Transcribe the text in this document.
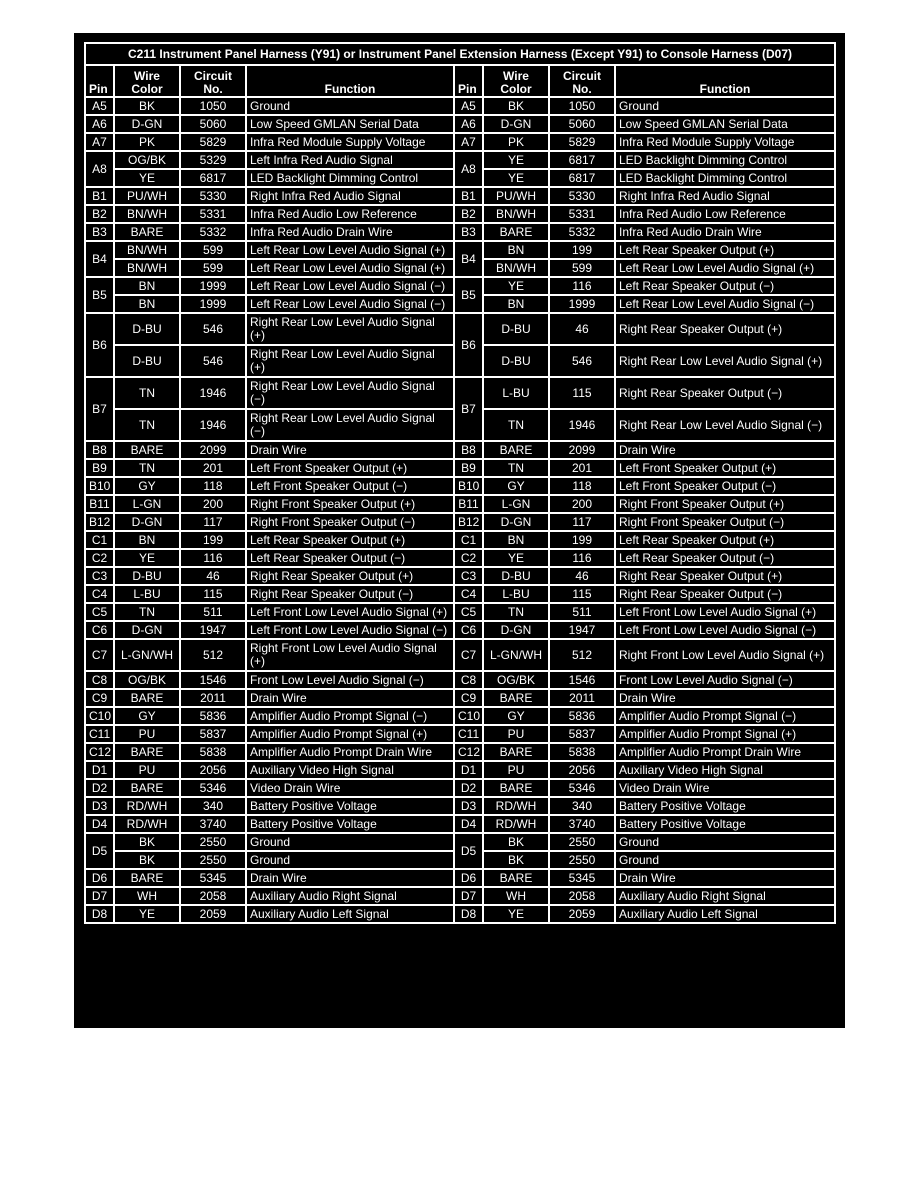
C211 Instrument Panel Harness (Y91) or Instrument Panel Extension Harness (Except Y91) to Console Harness (D07)							
Pin	Wire Color	Circuit No.	Function	Pin	Wire Color	Circuit No.	Function
A5	BK	1050	Ground	A5	BK	1050	Ground
A6	D-GN	5060	Low Speed GMLAN Serial Data	A6	D-GN	5060	Low Speed GMLAN Serial Data
A7	PK	5829	Infra Red Module Supply Voltage	A7	PK	5829	Infra Red Module Supply Voltage
A8	OG/BK	5329	Left Infra Red Audio Signal	A8	YE	6817	LED Backlight Dimming Control
	YE	6817	LED Backlight Dimming Control		YE	6817	LED Backlight Dimming Control
B1	PU/WH	5330	Right Infra Red Audio Signal	B1	PU/WH	5330	Right Infra Red Audio Signal
B2	BN/WH	5331	Infra Red Audio Low Reference	B2	BN/WH	5331	Infra Red Audio Low Reference
B3	BARE	5332	Infra Red Audio Drain Wire	B3	BARE	5332	Infra Red Audio Drain Wire
B4	BN/WH	599	Left Rear Low Level Audio Signal (+)	B4	BN	199	Left Rear Speaker Output (+)
	BN/WH	599	Left Rear Low Level Audio Signal (+)		BN/WH	599	Left Rear Low Level Audio Signal (+)
B5	BN	1999	Left Rear Low Level Audio Signal (−)	B5	YE	116	Left Rear Speaker Output (−)
	BN	1999	Left Rear Low Level Audio Signal (−)		BN	1999	Left Rear Low Level Audio Signal (−)
B6	D-BU	546	Right Rear Low Level Audio Signal (+)	B6	D-BU	46	Right Rear Speaker Output (+)
	D-BU	546	Right Rear Low Level Audio Signal (+)		D-BU	546	Right Rear Low Level Audio Signal (+)
B7	TN	1946	Right Rear Low Level Audio Signal (−)	B7	L-BU	115	Right Rear Speaker Output (−)
	TN	1946	Right Rear Low Level Audio Signal (−)		TN	1946	Right Rear Low Level Audio Signal (−)
B8	BARE	2099	Drain Wire	B8	BARE	2099	Drain Wire
B9	TN	201	Left Front Speaker Output (+)	B9	TN	201	Left Front Speaker Output (+)
B10	GY	118	Left Front Speaker Output (−)	B10	GY	118	Left Front Speaker Output (−)
B11	L-GN	200	Right Front Speaker Output (+)	B11	L-GN	200	Right Front Speaker Output (+)
B12	D-GN	117	Right Front Speaker Output (−)	B12	D-GN	117	Right Front Speaker Output (−)
C1	BN	199	Left Rear Speaker Output (+)	C1	BN	199	Left Rear Speaker Output (+)
C2	YE	116	Left Rear Speaker Output (−)	C2	YE	116	Left Rear Speaker Output (−)
C3	D-BU	46	Right Rear Speaker Output (+)	C3	D-BU	46	Right Rear Speaker Output (+)
C4	L-BU	115	Right Rear Speaker Output (−)	C4	L-BU	115	Right Rear Speaker Output (−)
C5	TN	511	Left Front Low Level Audio Signal (+)	C5	TN	511	Left Front Low Level Audio Signal (+)
C6	D-GN	1947	Left Front Low Level Audio Signal (−)	C6	D-GN	1947	Left Front Low Level Audio Signal (−)
C7	L-GN/WH	512	Right Front Low Level Audio Signal (+)	C7	L-GN/WH	512	Right Front Low Level Audio Signal (+)
C8	OG/BK	1546	Front Low Level Audio Signal (−)	C8	OG/BK	1546	Front Low Level Audio Signal (−)
C9	BARE	2011	Drain Wire	C9	BARE	2011	Drain Wire
C10	GY	5836	Amplifier Audio Prompt Signal (−)	C10	GY	5836	Amplifier Audio Prompt Signal (−)
C11	PU	5837	Amplifier Audio Prompt Signal (+)	C11	PU	5837	Amplifier Audio Prompt Signal (+)
C12	BARE	5838	Amplifier Audio Prompt Drain Wire	C12	BARE	5838	Amplifier Audio Prompt Drain Wire
D1	PU	2056	Auxiliary Video High Signal	D1	PU	2056	Auxiliary Video High Signal
D2	BARE	5346	Video Drain Wire	D2	BARE	5346	Video Drain Wire
D3	RD/WH	340	Battery Positive Voltage	D3	RD/WH	340	Battery Positive Voltage
D4	RD/WH	3740	Battery Positive Voltage	D4	RD/WH	3740	Battery Positive Voltage
D5	BK	2550	Ground	D5	BK	2550	Ground
	BK	2550	Ground		BK	2550	Ground
D6	BARE	5345	Drain Wire	D6	BARE	5345	Drain Wire
D7	WH	2058	Auxiliary Audio Right Signal	D7	WH	2058	Auxiliary Audio Right Signal
D8	YE	2059	Auxiliary Audio Left Signal	D8	YE	2059	Auxiliary Audio Left Signal
